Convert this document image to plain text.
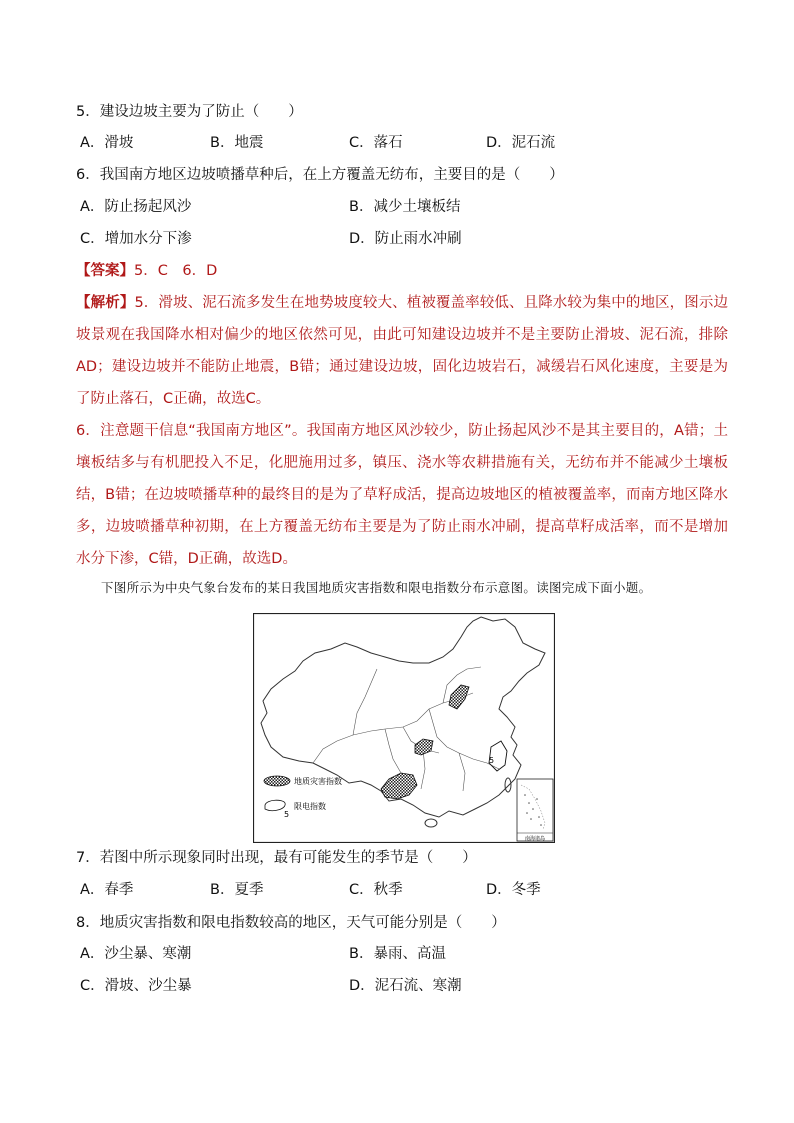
5．建设边坡主要为了防止（　　）
A．滑坡	B．地震	C．落石	D．泥石流
6．我国南方地区边坡喷播草种后，在上方覆盖无纺布，主要目的是（　　）
A．防止扬起风沙	B．减少土壤板结
C．增加水分下渗	D．防止雨水冲刷
【答案】5．C　6．D
【解析】5．滑坡、泥石流多发生在地势坡度较大、植被覆盖率较低、且降水较为集中的地区，图示边坡景观在我国降水相对偏少的地区依然可见，由此可知建设边坡并不是主要防止滑坡、泥石流，排除AD；建设边坡并不能防止地震，B错；通过建设边坡，固化边坡岩石，减缓岩石风化速度，主要是为了防止落石，C正确，故选C。
6．注意题干信息“我国南方地区”。我国南方地区风沙较少，防止扬起风沙不是其主要目的，A错；土壤板结多与有机肥投入不足，化肥施用过多，镇压、浇水等农耕措施有关，无纺布并不能减少土壤板结，B错；在边坡喷播草种的最终目的是为了草籽成活，提高边坡地区的植被覆盖率，而南方地区降水多，边坡喷播草种初期，在上方覆盖无纺布主要是为了防止雨水冲刷，提高草籽成活率，而不是增加水分下渗，C错，D正确，故选D。
下图所示为中央气象台发布的某日我国地质灾害指数和限电指数分布示意图。读图完成下面小题。
5
地质灾害指数
5
限电指数
南海诸岛
7．若图中所示现象同时出现，最有可能发生的季节是（　　）
A．春季	B．夏季	C．秋季	D．冬季
8．地质灾害指数和限电指数较高的地区，天气可能分别是（　　）
A．沙尘暴、寒潮	B．暴雨、高温
C．滑坡、沙尘暴	D．泥石流、寒潮
